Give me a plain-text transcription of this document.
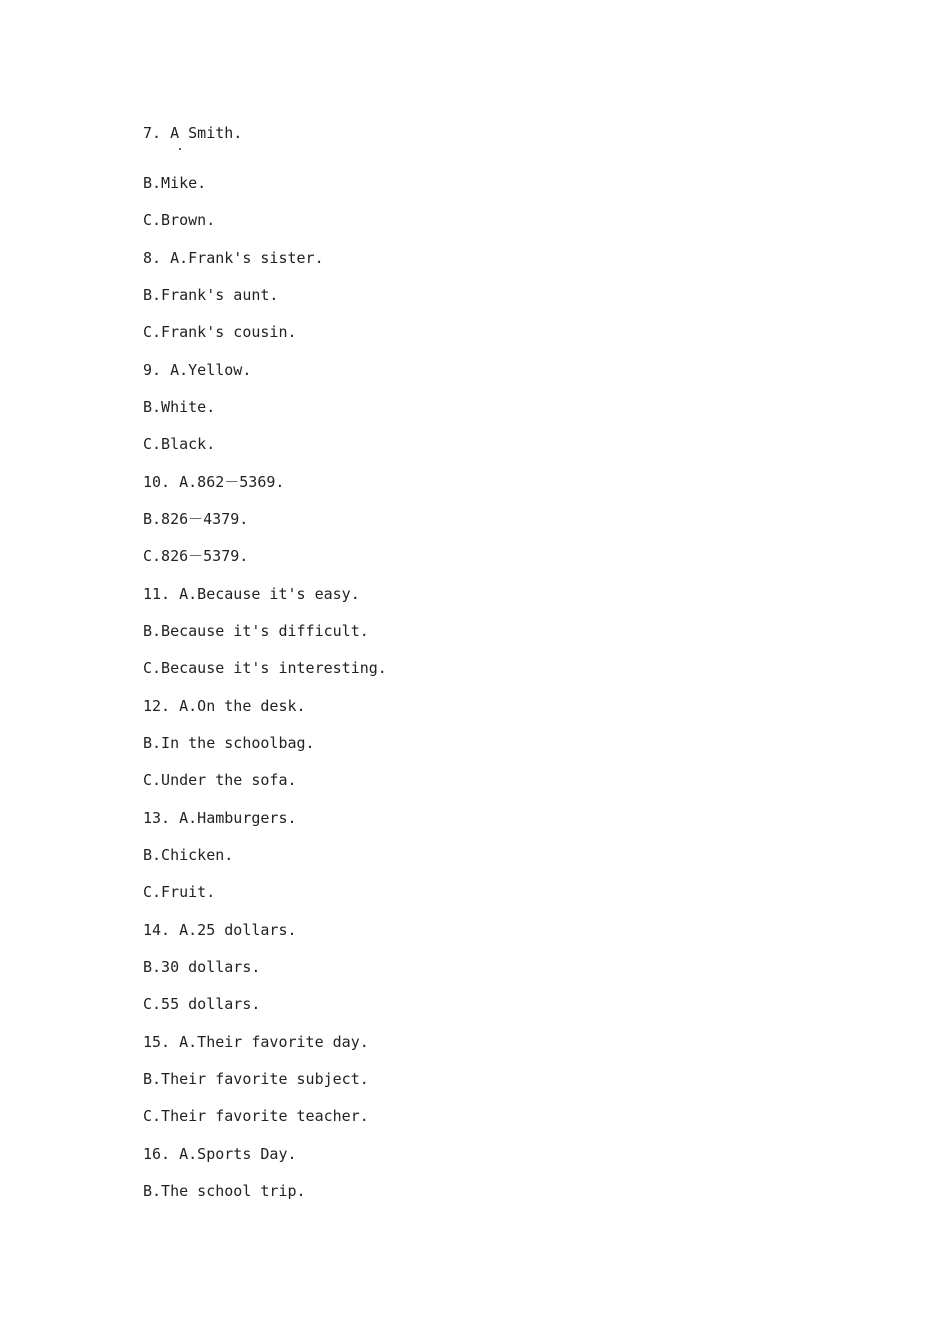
7. A Smith.
B.Mike.
C.Brown.
8. A.Frank's sister.
B.Frank's aunt.
C.Frank's cousin.
9. A.Yellow.
B.White.
C.Black.
10. A.862－5369.
B.826－4379.
C.826－5379.
11. A.Because it's easy.
B.Because it's difficult.
C.Because it's interesting.
12. A.On the desk.
B.In the schoolbag.
C.Under the sofa.
13. A.Hamburgers.
B.Chicken.
C.Fruit.
14. A.25 dollars.
B.30 dollars.
C.55 dollars.
15. A.Their favorite day.
B.Their favorite subject.
C.Their favorite teacher.
16. A.Sports Day.
B.The school trip.
